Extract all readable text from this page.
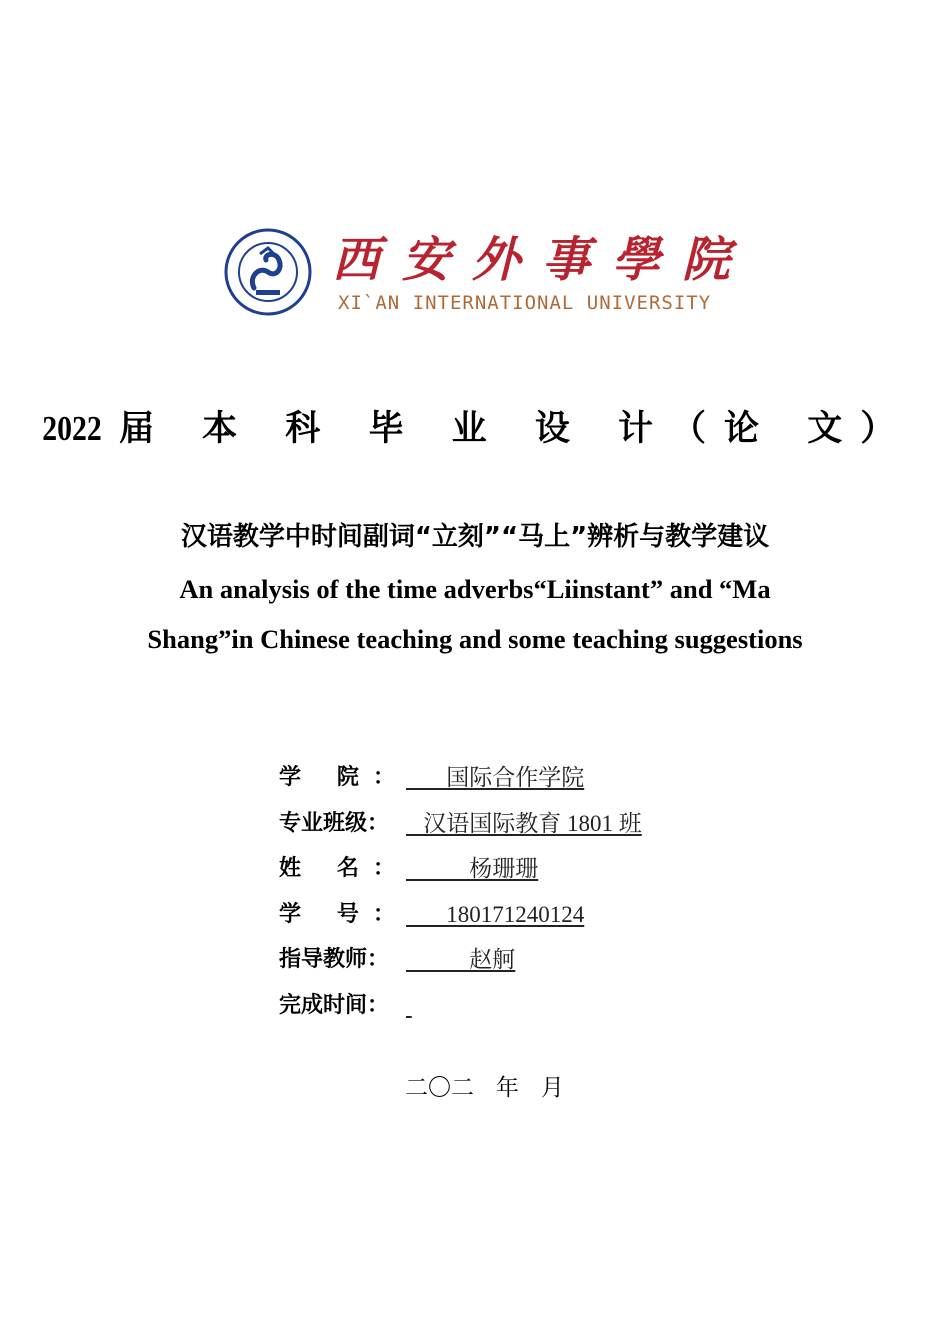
西安外事學院
XI`AN INTERNATIONAL UNIVERSITY
2022 届 本 科 毕 业 设 计（论 文）
汉语教学中时间副词“立刻”“马上”辨析与教学建议
An analysis of the time adverbs“Liinstant” and “Ma
Shang”in Chinese teaching and some teaching suggestions
学 院： 国际合作学院
专业班级： 汉语国际教育 1801 班
姓 名： 杨珊珊
学 号： 180171240124
指导教师： 赵舸
完成时间：

二〇二   年   月
